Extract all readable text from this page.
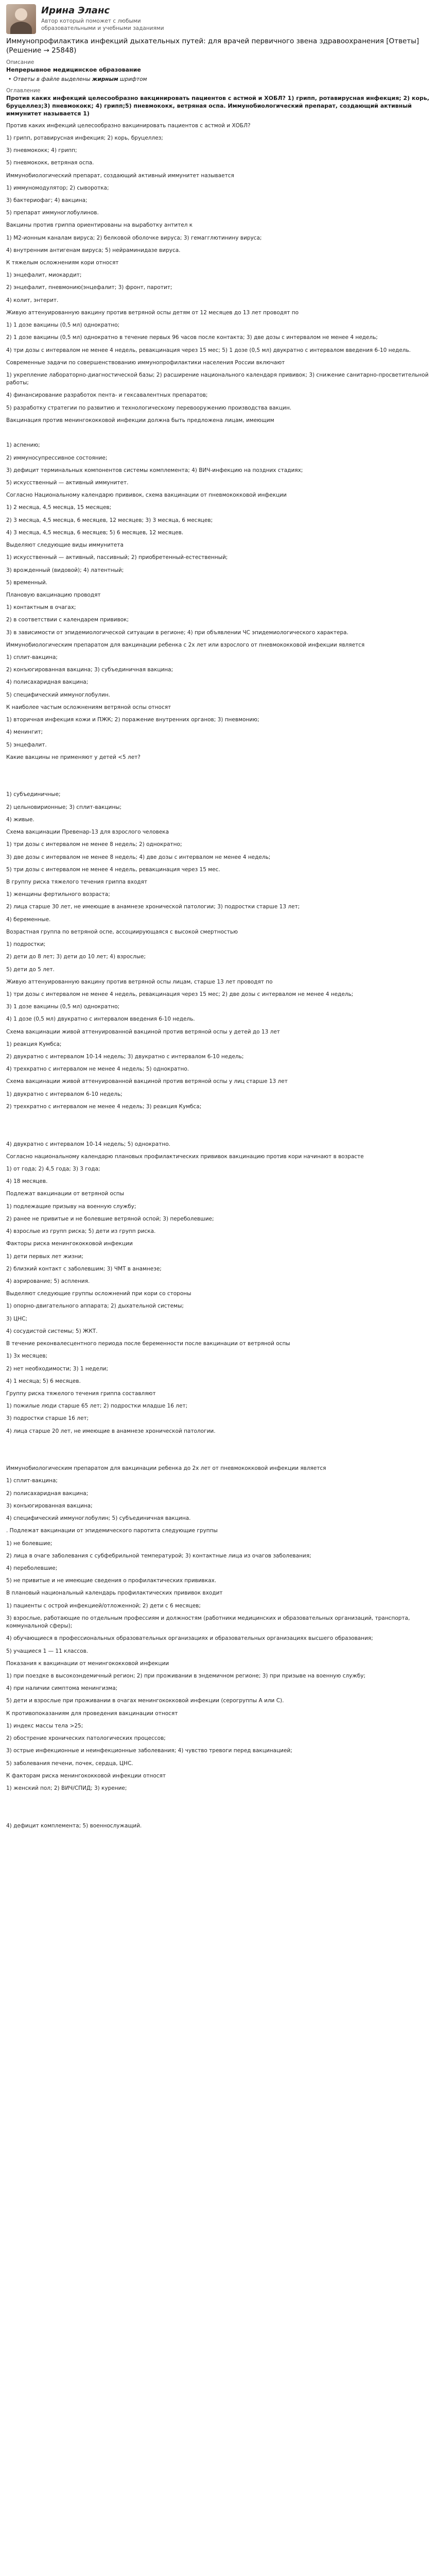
Ирина Эланс
Автор который поможет с любыми образовательными и учебными заданиями
Иммунопрофилактика инфекций дыхательных путей: для врачей первичного звена здравоохранения [Ответы] (Решение → 25848)
Описание
Непрерывное медицинское образование
• Ответы в файле выделены жирным шрифтом
Оглавление
Против каких инфекций целесообразно вакцинировать пациентов с астмой и ХОБЛ? 1) грипп, ротавирусная инфекция; 2) корь, бруцеллез;3) пневмококк; 4) грипп;5) пневмококк, ветряная оспа. Иммунобиологический препарат, создающий активный иммунитет называется 1)

Против каких инфекций целесообразно вакцинировать пациентов с астмой и ХОБЛ?

1) грипп, ротавирусная инфекция; 2) корь, бруцеллез;

3) пневмококк; 4) грипп;

5) пневмококк, ветряная оспа.

Иммунобиологический препарат, создающий активный иммунитет называется

1) иммуномодулятор; 2) сыворотка;

3) бактериофаг; 4) вакцина;

5) препарат иммуноглобулинов.

Вакцины против гриппа ориентированы на выработку антител к

1) M2-ионным каналам вируса; 2) белковой оболочке вируса; 3) гемагглютинину вируса;

4) внутренним антигенам вируса; 5) нейраминидазе вируса.

К тяжелым осложнениям кори относят

1) энцефалит, миокардит;

2) энцефалит, пневмонию(энцефалит; 3) фронт, паротит;

4) колит, энтерит.

Живую аттенуированную вакцину против ветряной оспы детям от 12 месяцев до 13 лет проводят по

1) 1 дозе вакцины (0,5 мл) однократно;

2) 1 дозе вакцины (0,5 мл) однократно в течение первых 96 часов после контакта; 3) две дозы с интервалом не менее 4 недель;

4) три дозы с интервалом не менее 4 недель, ревакцинация через 15 мес; 5) 1 дозе (0,5 мл) двукратно с интервалом введения 6-10 недель.

Современные задачи по совершенствованию иммунопрофилактики населения России включают

1) укрепление лабораторно-диагностической базы; 2) расширение национального календаря прививок; 3) снижение санитарно-просветительной работы;

4) финансирование разработок пента- и гексавалентных препаратов;

5) разработку стратегии по развитию и технологическому перевооружению производства вакцин.

Вакцинация против менингококковой инфекции должна быть предложена лицам, имеющим

1) аспению;

2) иммуносупрессивное состояние;

3) дефицит терминальных компонентов системы комплемента; 4) ВИЧ-инфекцию на поздних стадиях;

5) искусственный — активный иммунитет.

Согласно Национальному календарю прививок, схема вакцинации от пневмококковой инфекции

1) 2 месяца, 4,5 месяца, 15 месяцев;

2) 3 месяца, 4,5 месяца, 6 месяцев, 12 месяцев; 3) 3 месяца, 6 месяцев;

4) 3 месяца, 4,5 месяца, 6 месяцев; 5) 6 месяцев, 12 месяцев.

Выделяют следующие виды иммунитета

1) искусственный — активный, пассивный; 2) приобретенный-естественный;

3) врожденный (видовой); 4) латентный;

5) временный.

Плановую вакцинацию проводят

1) контактным в очагах;

2) в соответствии с календарем прививок;

3) в зависимости от эпидемиологической ситуации в регионе; 4) при объявлении ЧС эпидемиологического характера.

Иммунобиологическим препаратом для вакцинации ребенка с 2х лет или взрослого от пневмококковой инфекции является

1) сплит-вакцина;

2) конъюгированная вакцина; 3) субъединичная вакцина;

4) полисахаридная вакцина;

5) специфический иммуноглобулин.

К наиболее частым осложнениям ветряной оспы относят

1) вторичная инфекция кожи и ПЖК; 2) поражение внутренних органов; 3) пневмонию;

4) менингит;

5) энцефалит.

Какие вакцины не применяют у детей <5 лет?

1) субъединичные;

2) цельновирионные; 3) сплит-вакцины;

4) живые.

Схема вакцинации Превенар-13 для взрослого человека

1) три дозы с интервалом не менее 8 недель; 2) однократно;

3) две дозы с интервалом не менее 8 недель; 4) две дозы с интервалом не менее 4 недель;

5) три дозы с интервалом не менее 4 недель, ревакцинация через 15 мес.

В группу риска тяжелого течения гриппа входят

1) женщины фертильного возраста;

2) лица старше 30 лет, не имеющие в анамнезе хронической патологии; 3) подростки старше 13 лет;

4) беременные.

Возрастная группа по ветряной оспе, ассоциирующаяся с высокой смертностью

1) подростки;

2) дети до 8 лет; 3) дети до 10 лет; 4) взрослые;

5) дети до 5 лет.

Живую аттенуированную вакцину против ветряной оспы лицам, старше 13 лет проводят по

1) три дозы с интервалом не менее 4 недель, ревакцинация через 15 мес; 2) две дозы с интервалом не менее 4 недель;

3) 1 дозе вакцины (0,5 мл) однократно;

4) 1 дозе (0,5 мл) двукратно с интервалом введения 6-10 недель.

Схема вакцинации живой аттенуированной вакциной против ветряной оспы у детей до 13 лет

1) реакция Кумбса;

2) двукратно с интервалом 10-14 недель; 3) двукратно с интервалом 6-10 недель;

4) трехкратно с интервалом не менее 4 недель; 5) однократно.

Схема вакцинации живой аттенуированной вакциной против ветряной оспы у лиц старше 13 лет

1) двукратно с интервалом 6-10 недель;

2) трехкратно с интервалом не менее 4 недель; 3) реакция Кумбса;

4) двукратно с интервалом 10-14 недель; 5) однократно.

Согласно национальному календарю плановых профилактических прививок вакцинацию против кори начинают в возрасте

1) от года; 2) 4,5 года; 3) 3 года;

4) 18 месяцев.

Подлежат вакцинации от ветряной оспы

1) подлежащие призыву на военную службу;

2) ранее не привитые и не болевшие ветряной оспой; 3) переболевшие;

4) взрослые из групп риска; 5) дети из групп риска.

Факторы риска менингококковой инфекции

1) дети первых лет жизни;

2) близкий контакт с заболевшим; 3) ЧМТ в анамнезе;

4) аэрирование; 5) аспления.

Выделяют следующие группы осложнений при кори со стороны

1) опорно-двигательного аппарата; 2) дыхательной системы;

3) ЦНС;

4) сосудистой системы; 5) ЖКТ.

В течение реконвалесцентного периода после беременности после вакцинации от ветряной оспы

1) 3х месяцев;

2) нет необходимости; 3) 1 недели;

4) 1 месяца; 5) 6 месяцев.

Группу риска тяжелого течения гриппа составляют

1) пожилые люди старше 65 лет; 2) подростки младше 16 лет;

3) подростки старше 16 лет;

4) лица старше 20 лет, не имеющие в анамнезе хронической патологии.

Иммунобиологическим препаратом для вакцинации ребенка до 2х лет от пневмококковой инфекции является

1) сплит-вакцина;

2) полисахаридная вакцина;

3) конъюгированная вакцина;

4) специфический иммуноглобулин; 5) субъединичная вакцина.

. Подлежат вакцинации от эпидемического паротита следующие группы

1) не болевшие;

2) лица в очаге заболевания с субфебрильной температурой; 3) контактные лица из очагов заболевания;

4) переболевшие;

5) не привитые и не имеющие сведения о профилактических прививках.

В плановый национальный календарь профилактических прививок входит

1) пациенты с острой инфекцией/отложенной; 2) дети с 6 месяцев;

3) взрослые, работающие по отдельным профессиям и должностям (работники медицинских и образовательных организаций, транспорта, коммунальной сферы);

4) обучающиеся в профессиональных образовательных организациях и образовательных организациях высшего образования;

5) учащиеся 1 — 11 классов.

Показания к вакцинации от менингококковой инфекции

1) при поездке в высокоэндемичный регион; 2) при проживании в эндемичном регионе; 3) при призыве на военную службу;

4) при наличии симптома менингизма;

5) дети и взрослые при проживании в очагах менингококковой инфекции (серогруппы А или С).

К противопоказаниям для проведения вакцинации относят

1) индекс массы тела >25;

2) обострение хронических патологических процессов;

3) острые инфекционные и неинфекционные заболевания; 4) чувство тревоги перед вакцинацией;

5) заболевания печени, почек, сердца, ЦНС.

К факторам риска менингококковой инфекции относят

1) женский пол; 2) ВИЧ/СПИД; 3) курение;

4) дефицит комплемента; 5) военнослужащий.
